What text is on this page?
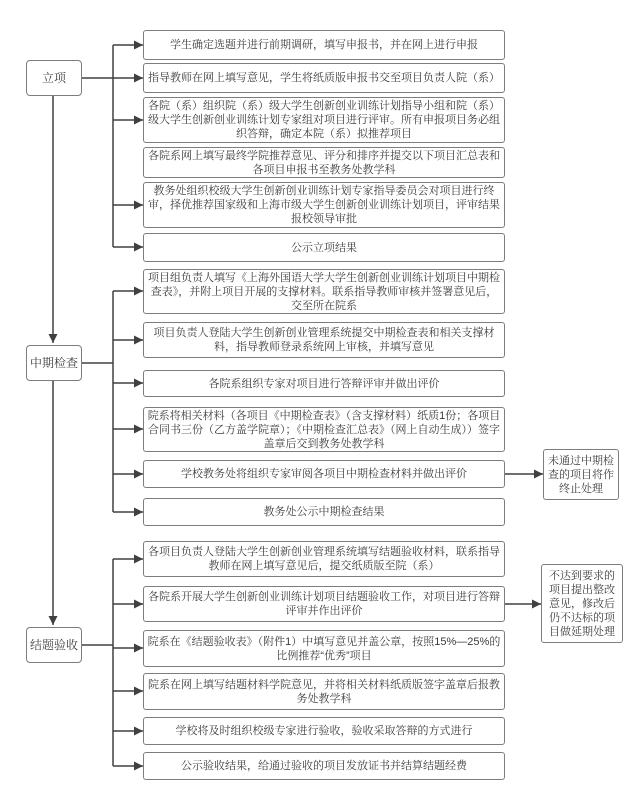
立项
中期检查
结题验收
学生确定选题并进行前期调研，填写申报书，并在网上进行申报
指导教师在网上填写意见，学生将纸质版申报书交至项目负责人院（系）
各院（系）组织院（系）级大学生创新创业训练计划指导小组和院（系）级大学生创新创业训练计划专家组对项目进行评审。所有申报项目务必组织答辩，确定本院（系）拟推荐项目
各院系网上填写最终学院推荐意见、评分和排序并提交以下项目汇总表和各项目申报书至教务处教学科
教务处组织校级大学生创新创业训练计划专家指导委员会对项目进行终审，择优推荐国家级和上海市级大学生创新创业训练计划项目，评审结果报校领导审批
公示立项结果
项目组负责人填写《上海外国语大学大学生创新创业训练计划项目中期检查表》，并附上项目开展的支撑材料。联系指导教师审核并签署意见后，交至所在院系
项目负责人登陆大学生创新创业管理系统提交中期检查表和相关支撑材料，指导教师登录系统网上审核，并填写意见
各院系组织专家对项目进行答辩评审并做出评价
院系将相关材料（各项目《中期检查表》（含支撑材料）纸质1份；各项目合同书三份（乙方盖学院章）；《中期检查汇总表》（网上自动生成））签字盖章后交到教务处教学科
学校教务处将组织专家审阅各项目中期检查材料并做出评价
教务处公示中期检查结果
各项目负责人登陆大学生创新创业管理系统填写结题验收材料，联系指导教师在网上填写意见后，提交纸质版至院（系）
各院系开展大学生创新创业训练计划项目结题验收工作，对项目进行答辩评审并作出评价
院系在《结题验收表》（附件1）中填写意见并盖公章，按照15%—25%的比例推荐“优秀”项目
院系在网上填写结题材料学院意见，并将相关材料纸质版签字盖章后报教务处教学科
学校将及时组织校级专家进行验收，验收采取答辩的方式进行
公示验收结果，给通过验收的项目发放证书并结算结题经费
未通过中期检查的项目将作终止处理
不达到要求的项目提出整改意见，修改后仍不达标的项目做延期处理
